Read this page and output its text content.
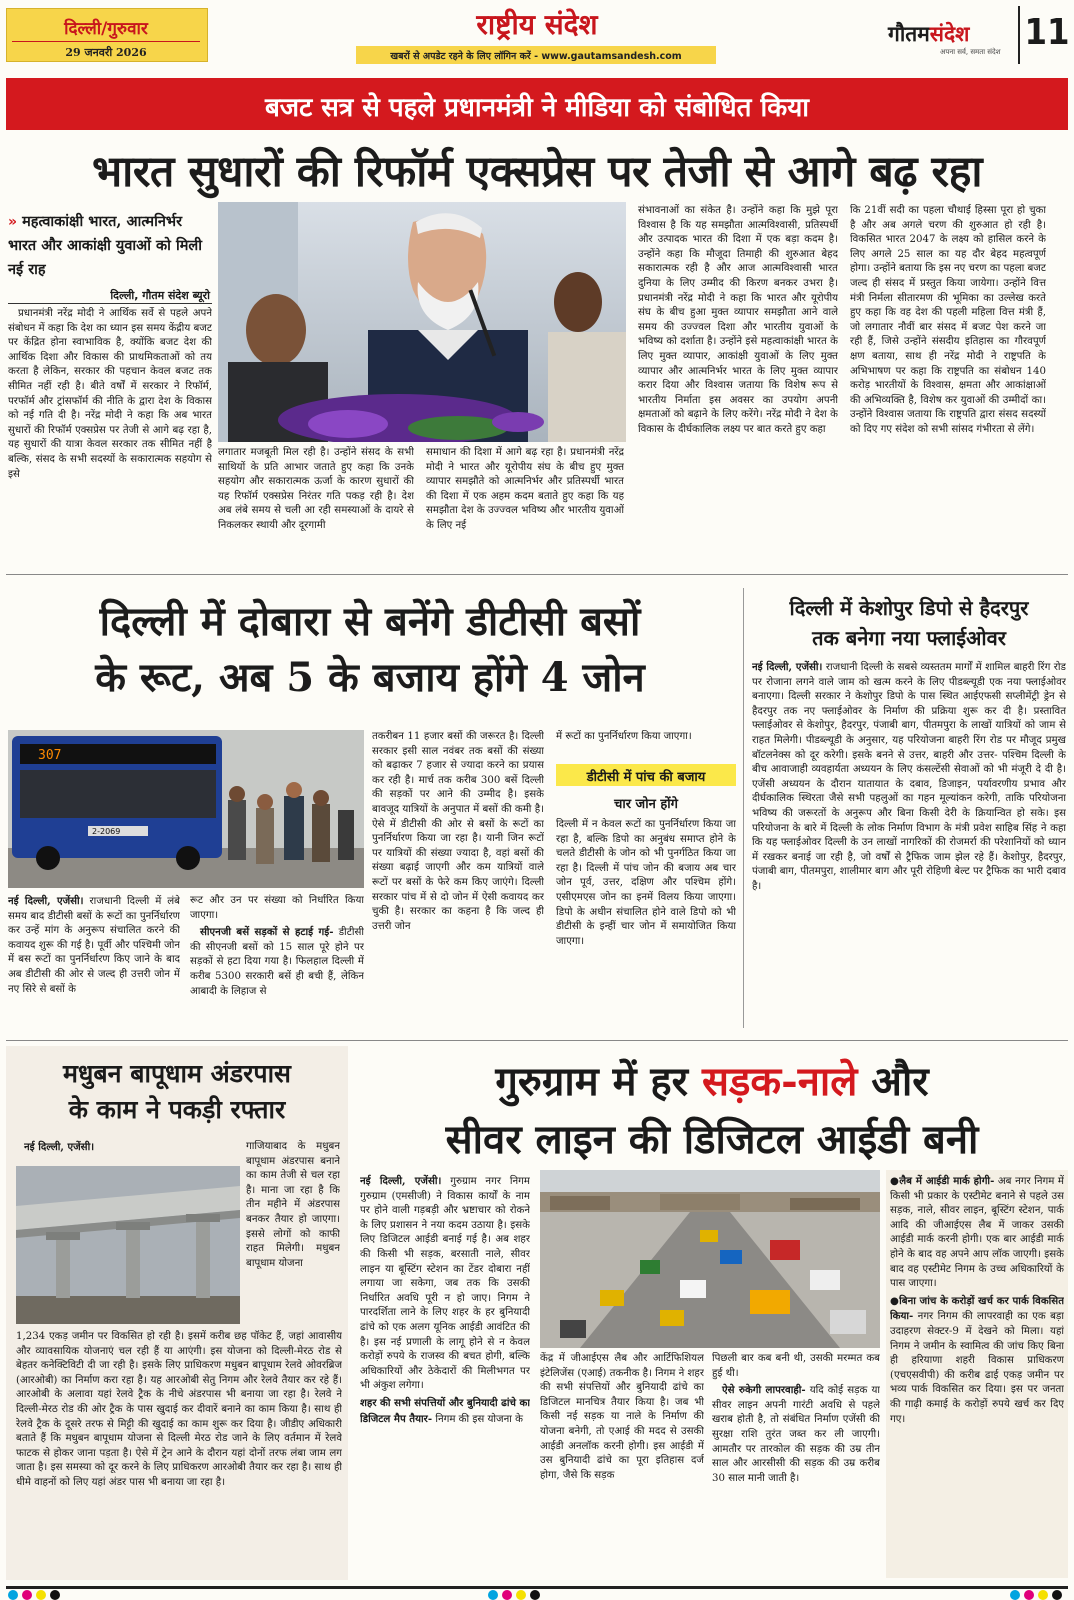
दिल्ली/गुरुवार
29 जनवरी 2026
राष्ट्रीय संदेश
खबरों से अपडेट रहने के लिए लॉगिन करें - www.gautamsandesh.com
गौतमसंदेश
अपना सर्व, समता संदेश 11
बजट सत्र से पहले प्रधानमंत्री ने मीडिया को संबोधित किया
भारत सुधारों की रिफॉर्म एक्सप्रेस पर तेजी से आगे बढ़ रहा
» महत्वाकांक्षी भारत, आत्मनिर्भर भारत और आकांक्षी युवाओं को मिली नई राह
दिल्ली, गौतम संदेश ब्यूरो

प्रधानमंत्री नरेंद्र मोदी ने आर्थिक सर्वे से पहले अपने संबोधन में कहा कि देश का ध्यान इस समय केंद्रीय बजट पर केंद्रित होना स्वाभाविक है, क्योंकि बजट देश की आर्थिक दिशा और विकास की प्राथमिकताओं को तय करता है लेकिन, सरकार की पहचान केवल बजट तक सीमित नहीं रही है। बीते वर्षों में सरकार ने रिफॉर्म, परफॉर्म और ट्रांसफॉर्म की नीति के द्वारा देश के विकास को नई गति दी है। नरेंद्र मोदी ने कहा कि अब भारत सुधारों की रिफॉर्म एक्सप्रेस पर तेजी से आगे बढ़ रहा है, यह सुधारों की यात्रा केवल सरकार तक सीमित नहीं है बल्कि, संसद के सभी सदस्यों के सकारात्मक सहयोग से इसे

लगातार मजबूती मिल रही है। उन्होंने संसद के सभी साथियों के प्रति आभार जताते हुए कहा कि उनके सहयोग और सकारात्मक ऊर्जा के कारण सुधारों की यह रिफॉर्म एक्सप्रेस निरंतर गति पकड़ रही है। देश अब लंबे समय से चली आ रही समस्याओं के दायरे से निकलकर स्थायी और दूरगामी

समाधान की दिशा में आगे बढ़ रहा है। प्रधानमंत्री नरेंद्र मोदी ने भारत और यूरोपीय संघ के बीच हुए मुक्त व्यापार समझौते को आत्मनिर्भर और प्रतिस्पर्धी भारत की दिशा में एक अहम कदम बताते हुए कहा कि यह समझौता देश के उज्ज्वल भविष्य और भारतीय युवाओं के लिए नई

संभावनाओं का संकेत है। उन्होंने कहा कि मुझे पूरा विश्वास है कि यह समझौता आत्मविश्वासी, प्रतिस्पर्धी और उत्पादक भारत की दिशा में एक बड़ा कदम है। उन्होंने कहा कि मौजूदा तिमाही की शुरुआत बेहद सकारात्मक रही है और आज आत्मविश्वासी भारत दुनिया के लिए उम्मीद की किरण बनकर उभरा है।प्रधानमंत्री नरेंद्र मोदी ने कहा कि भारत और यूरोपीय संघ के बीच हुआ मुक्त व्यापार समझौता आने वाले समय की उज्ज्वल दिशा और भारतीय युवाओं के भविष्य को दर्शाता है। उन्होंने इसे महत्वाकांक्षी भारत के लिए मुक्त व्यापार, आकांक्षी युवाओं के लिए मुक्त व्यापार और आत्मनिर्भर भारत के लिए मुक्त व्यापार करार दिया और विश्वास जताया कि विशेष रूप से भारतीय निर्माता इस अवसर का उपयोग अपनी क्षमताओं को बढ़ाने के लिए करेंगे। नरेंद्र मोदी ने देश के विकास के दीर्घकालिक लक्ष्य पर बात करते हुए कहा

कि 21वीं सदी का पहला चौथाई हिस्सा पूरा हो चुका है और अब अगले चरण की शुरुआत हो रही है। विकसित भारत 2047 के लक्ष्य को हासिल करने के लिए अगले 25 साल का यह दौर बेहद महत्वपूर्ण होगा। उन्होंने बताया कि इस नए चरण का पहला बजट जल्द ही संसद में प्रस्तुत किया जायेगा। उन्होंने वित्त मंत्री निर्मला सीतारमण की भूमिका का उल्लेख करते हुए कहा कि वह देश की पहली महिला वित्त मंत्री हैं, जो लगातार नौवीं बार संसद में बजट पेश करने जा रही हैं, जिसे उन्होंने संसदीय इतिहास का गौरवपूर्ण क्षण बताया, साथ ही नरेंद्र मोदी ने राष्ट्रपति के अभिभाषण पर कहा कि राष्ट्रपति का संबोधन 140 करोड़ भारतीयों के विश्वास, क्षमता और आकांक्षाओं की अभिव्यक्ति है, विशेष कर युवाओं की उम्मीदों का। उन्होंने विश्वास जताया कि राष्ट्रपति द्वारा संसद सदस्यों को दिए गए संदेश को सभी सांसद गंभीरता से लेंगे।

दिल्ली में दोबारा से बनेंगे डीटीसी बसों
के रूट, अब 5 के बजाय होंगे 4 जोन
307
2-2069

नई दिल्ली, एजेंसी। राजधानी दिल्ली में लंबे समय बाद डीटीसी बसों के रूटों का पुनर्निर्धारण कर उन्हें मांग के अनुरूप संचालित करने की कवायद शुरू की गई है। पूर्वी और पश्चिमी जोन में बस रूटों का पुनर्निर्धारण किए जाने के बाद अब डीटीसी की ओर से जल्द ही उत्तरी जोन में नए सिरे से बसों के

रूट और उन पर संख्या को निर्धारित किया जाएगा।

सीएनजी बसें सड़कों से हटाई गई- डीटीसी की सीएनजी बसों को 15 साल पूरे होने पर सड़कों से हटा दिया गया है। फिलहाल दिल्ली में करीब 5300 सरकारी बसें ही बची हैं, लेकिन आबादी के लिहाज से

तकरीबन 11 हजार बसों की जरूरत है। दिल्ली सरकार इसी साल नवंबर तक बसों की संख्या को बढ़ाकर 7 हजार से ज्यादा करने का प्रयास कर रही है। मार्च तक करीब 300 बसें दिल्ली की सड़कों पर आने की उम्मीद है। इसके बावजूद यात्रियों के अनुपात में बसों की कमी है। ऐसे में डीटीसी की ओर से बसों के रूटों का पुनर्निर्धारण किया जा रहा है। यानी जिन रूटों पर यात्रियों की संख्या ज्यादा है, वहां बसों की संख्या बढ़ाई जाएगी और कम यात्रियों वाले रूटों पर बसों के फेरे कम किए जाएंगे। दिल्ली सरकार पांच में से दो जोन में ऐसी कवायद कर चुकी है। सरकार का कहना है कि जल्द ही उत्तरी जोन

में रूटों का पुनर्निर्धारण किया जाएगा।

डीटीसी में पांच की बजाय
चार जोन होंगे

दिल्ली में न केवल रूटों का पुनर्निर्धारण किया जा रहा है, बल्कि डिपो का अनुबंध समाप्त होने के चलते डीटीसी के जोन को भी पुनर्गठित किया जा रहा है। दिल्ली में पांच जोन की बजाय अब चार जोन पूर्व, उत्तर, दक्षिण और पश्चिम होंगे। एसीएमएस जोन का इनमें विलय किया जाएगा। डिपो के अधीन संचालित होने वाले डिपो को भी डीटीसी के इन्हीं चार जोन में समायोजित किया जाएगा।

दिल्ली में केशोपुर डिपो से हैदरपुर
तक बनेगा नया फ्लाईओवर

नई दिल्ली, एजेंसी। राजधानी दिल्ली के सबसे व्यस्ततम मार्गों में शामिल बाहरी रिंग रोड पर रोजाना लगने वाले जाम को खत्म करने के लिए पीडब्ल्यूडी एक नया फ्लाईओवर बनाएगा। दिल्ली सरकार ने केशोपुर डिपो के पास स्थित आईएफसी सप्लीमेंट्री ड्रेन से हैदरपुर तक नए फ्लाईओवर के निर्माण की प्रक्रिया शुरू कर दी है। प्रस्तावित फ्लाईओवर से केशोपुर, हैदरपुर, पंजाबी बाग, पीतमपुरा के लाखों यात्रियों को जाम से राहत मिलेगी। पीडब्ल्यूडी के अनुसार, यह परियोजना बाहरी रिंग रोड पर मौजूद प्रमुख बॉटलनेक्स को दूर करेगी। इसके बनने से उत्तर, बाहरी और उत्तर- पश्चिम दिल्ली के बीच आवाजाही व्यवहार्यता अध्ययन के लिए कंसल्टेंसी सेवाओं को भी मंजूरी दे दी है। एजेंसी अध्ययन के दौरान यातायात के दबाव, डिजाइन, पर्यावरणीय प्रभाव और दीर्घकालिक स्थिरता जैसे सभी पहलुओं का गहन मूल्यांकन करेगी, ताकि परियोजना भविष्य की जरूरतों के अनुरूप और बिना किसी देरी के क्रियान्वित हो सके। इस परियोजना के बारे में दिल्ली के लोक निर्माण विभाग के मंत्री प्रवेश साहिब सिंह ने कहा कि यह फ्लाईओवर दिल्ली के उन लाखों नागरिकों की रोजमर्रा की परेशानियों को ध्यान में रखकर बनाई जा रही है, जो वर्षों से ट्रैफिक जाम झेल रहे हैं। केशोपुर, हैदरपुर, पंजाबी बाग, पीतमपुरा, शालीमार बाग और पूरी रोहिणी बेल्ट पर ट्रैफिक का भारी दबाव है।

मधुबन बापूधाम अंडरपास
के काम ने पकड़ी रफ्तार

नई दिल्ली, एजेंसी।	गाजियाबाद के मधुबन बापूधाम अंडरपास बनाने का काम तेजी से चल रहा है। माना जा रहा है कि तीन महीने में अंडरपास बनकर तैयार हो जाएगा। इससे लोगों को काफी राहत मिलेगी। मधुबन बापूधाम योजना

1,234 एकड़ जमीन पर विकसित हो रही है। इसमें करीब छह पॉकेट हैं, जहां आवासीय और व्यावसायिक योजनाएं चल रही हैं या आएंगी। इस योजना को दिल्ली-मेरठ रोड से बेहतर कनेक्टिविटी दी जा रही है। इसके लिए प्राधिकरण मधुबन बापूधाम रेलवे ओवरब्रिज (आरओबी) का निर्माण करा रहा है। यह आरओबी सेतु निगम और रेलवे तैयार कर रहे हैं। आरओबी के अलावा यहां रेलवे ट्रैक के नीचे अंडरपास भी बनाया जा रहा है। रेलवे ने दिल्ली-मेरठ रोड की ओर ट्रैक के पास खुदाई कर दीवारें बनाने का काम किया है। साथ ही रेलवे ट्रैक के दूसरे तरफ से मिट्टी की खुदाई का काम शुरू कर दिया है। जीडीए अधिकारी बताते हैं कि मधुबन बापूधाम योजना से दिल्ली मेरठ रोड जाने के लिए वर्तमान में रेलवे फाटक से होकर जाना पड़ता है। ऐसे में ट्रेन आने के दौरान यहां दोनों तरफ लंबा जाम लग जाता है। इस समस्या को दूर करने के लिए प्राधिकरण आरओबी तैयार कर रहा है। साथ ही धीमे वाहनों को लिए यहां अंडर पास भी बनाया जा रहा है।

गुरुग्राम में हर सड़क-नाले और
सीवर लाइन की डिजिटल आईडी बनी

नई दिल्ली, एजेंसी। गुरुग्राम नगर निगम गुरुग्राम (एमसीजी) ने विकास कार्यों के नाम पर होने वाली गड़बड़ी और भ्रष्टाचार को रोकने के लिए प्रशासन ने नया कदम उठाया है। इसके लिए डिजिटल आईडी बनाई गई है। अब शहर की किसी भी सड़क, बरसाती नाले, सीवर लाइन या बूस्टिंग स्टेशन का टेंडर दोबारा नहीं लगाया जा सकेगा, जब तक कि उसकी निर्धारित अवधि पूरी न हो जाए। निगम ने पारदर्शिता लाने के लिए शहर के हर बुनियादी ढांचे को एक अलग यूनिक आईडी आवंटित की है। इस नई प्रणाली के लागू होने से न केवल करोड़ों रुपये के राजस्व की बचत होगी, बल्कि अधिकारियों और ठेकेदारों की मिलीभगत पर भी अंकुश लगेगा।

शहर की सभी संपत्तियों और बुनियादी ढांचे का डिजिटल मैप तैयार- निगम की इस योजना के

केंद्र में जीआईएस लैब और आर्टिफिशियल इंटेलिजेंस (एआई) तकनीक है। निगम ने शहर की सभी संपत्तियों और बुनियादी ढांचे का डिजिटल मानचित्र तैयार किया है। जब भी किसी नई सड़क या नाले के निर्माण की योजना बनेगी, तो एआई की मदद से उसकी आईडी अनलॉक करनी होगी। इस आईडी में उस बुनियादी ढांचे का पूरा इतिहास दर्ज होगा, जैसे कि सड़क

पिछली बार कब बनी थी, उसकी मरम्मत कब हुई थी।

ऐसे रुकेगी लापरवाही- यदि कोई सड़क या सीवर लाइन अपनी गारंटी अवधि से पहले खराब होती है, तो संबंधित निर्माण एजेंसी की सुरक्षा राशि तुरंत जब्त कर ली जाएगी। आमतौर पर तारकोल की सड़क की उम्र तीन साल और आरसीसी की सड़क की उम्र करीब 30 साल मानी जाती है।

●लैब में आईडी मार्क होगी- अब नगर निगम में किसी भी प्रकार के एस्टीमेट बनाने से पहले उस सड़क, नाले, सीवर लाइन, बूस्टिंग स्टेशन, पार्क आदि की जीआईएस लैब में जाकर उसकी आईडी मार्क करनी होगी। एक बार आईडी मार्क होने के बाद वह अपने आप लॉक जाएगी। इसके बाद वह एस्टीमेट निगम के उच्च अधिकारियों के पास जाएगा।

●बिना जांच के करोड़ों खर्च कर पार्क विकसित किया- नगर निगम की लापरवाही का एक बड़ा उदाहरण सेक्टर-9 में देखने को मिला। यहां निगम ने जमीन के स्वामित्व की जांच किए बिना ही हरियाणा शहरी विकास प्राधिकरण (एचएसवीपी) की करीब ढाई एकड़ जमीन पर भव्य पार्क विकसित कर दिया। इस पर जनता की गाढ़ी कमाई के करोड़ों रुपये खर्च कर दिए गए।
